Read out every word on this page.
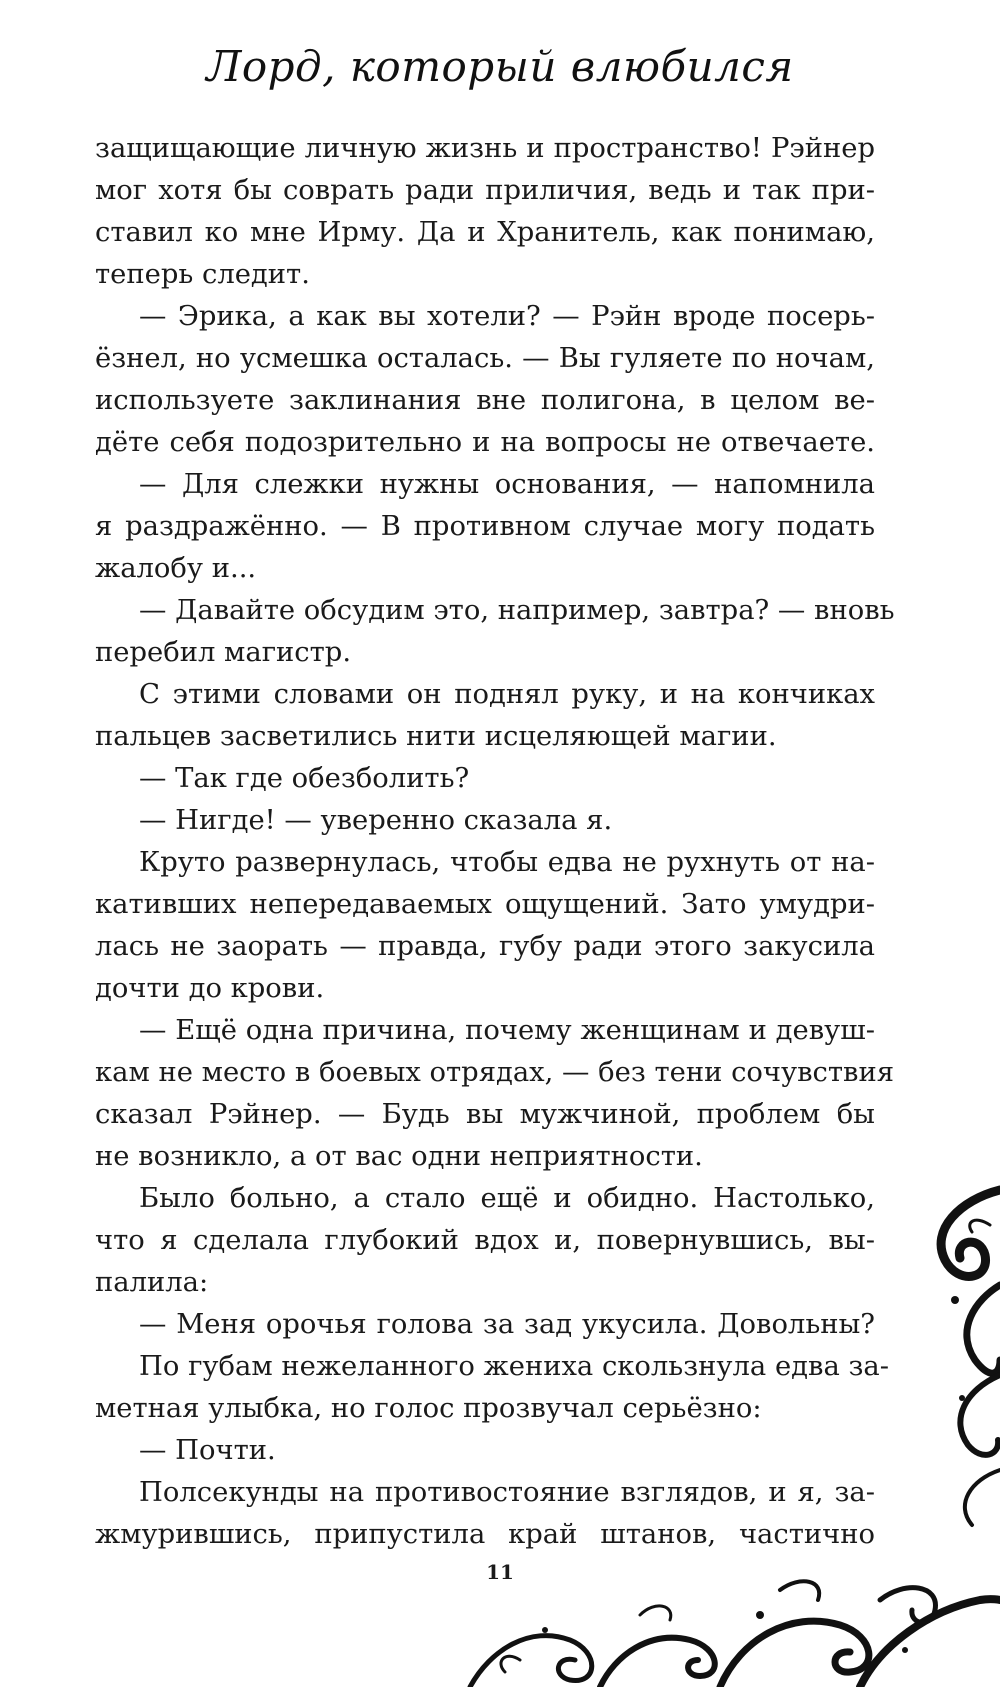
Лорд, который влюбился
защищающие личную жизнь и пространство! Рэйнер
мог хотя бы соврать ради приличия, ведь и так при-
ставил ко мне Ирму. Да и Хранитель, как понимаю,
теперь следит.
— Эрика, а как вы хотели? — Рэйн вроде посерь-
ёзнел, но усмешка осталась. — Вы гуляете по ночам,
используете заклинания вне полигона, в целом ве-
дёте себя подозрительно и на вопросы не отвечаете.
— Для слежки нужны основания, — напомнила
я раздражённо. — В противном случае могу подать
жалобу и...
— Давайте обсудим это, например, завтра? — вновь
перебил магистр.
С этими словами он поднял руку, и на кончиках
пальцев засветились нити исцеляющей магии.
— Так где обезболить?
— Нигде! — уверенно сказала я.
Круто развернулась, чтобы едва не рухнуть от на-
кативших непередаваемых ощущений. Зато умудри-
лась не заорать — правда, губу ради этого закусила
дочти до крови.
— Ещё одна причина, почему женщинам и девуш-
кам не место в боевых отрядах, — без тени сочувствия
сказал Рэйнер. — Будь вы мужчиной, проблем бы
не возникло, а от вас одни неприятности.
Было больно, а стало ещё и обидно. Настолько,
что я сделала глубокий вдох и, повернувшись, вы-
палила:
— Меня орочья голова за зад укусила. Довольны?
По губам нежеланного жениха скользнула едва за-
метная улыбка, но голос прозвучал серьёзно:
— Почти.
Полсекунды на противостояние взглядов, и я, за-
жмурившись, припустила край штанов, частично
11
